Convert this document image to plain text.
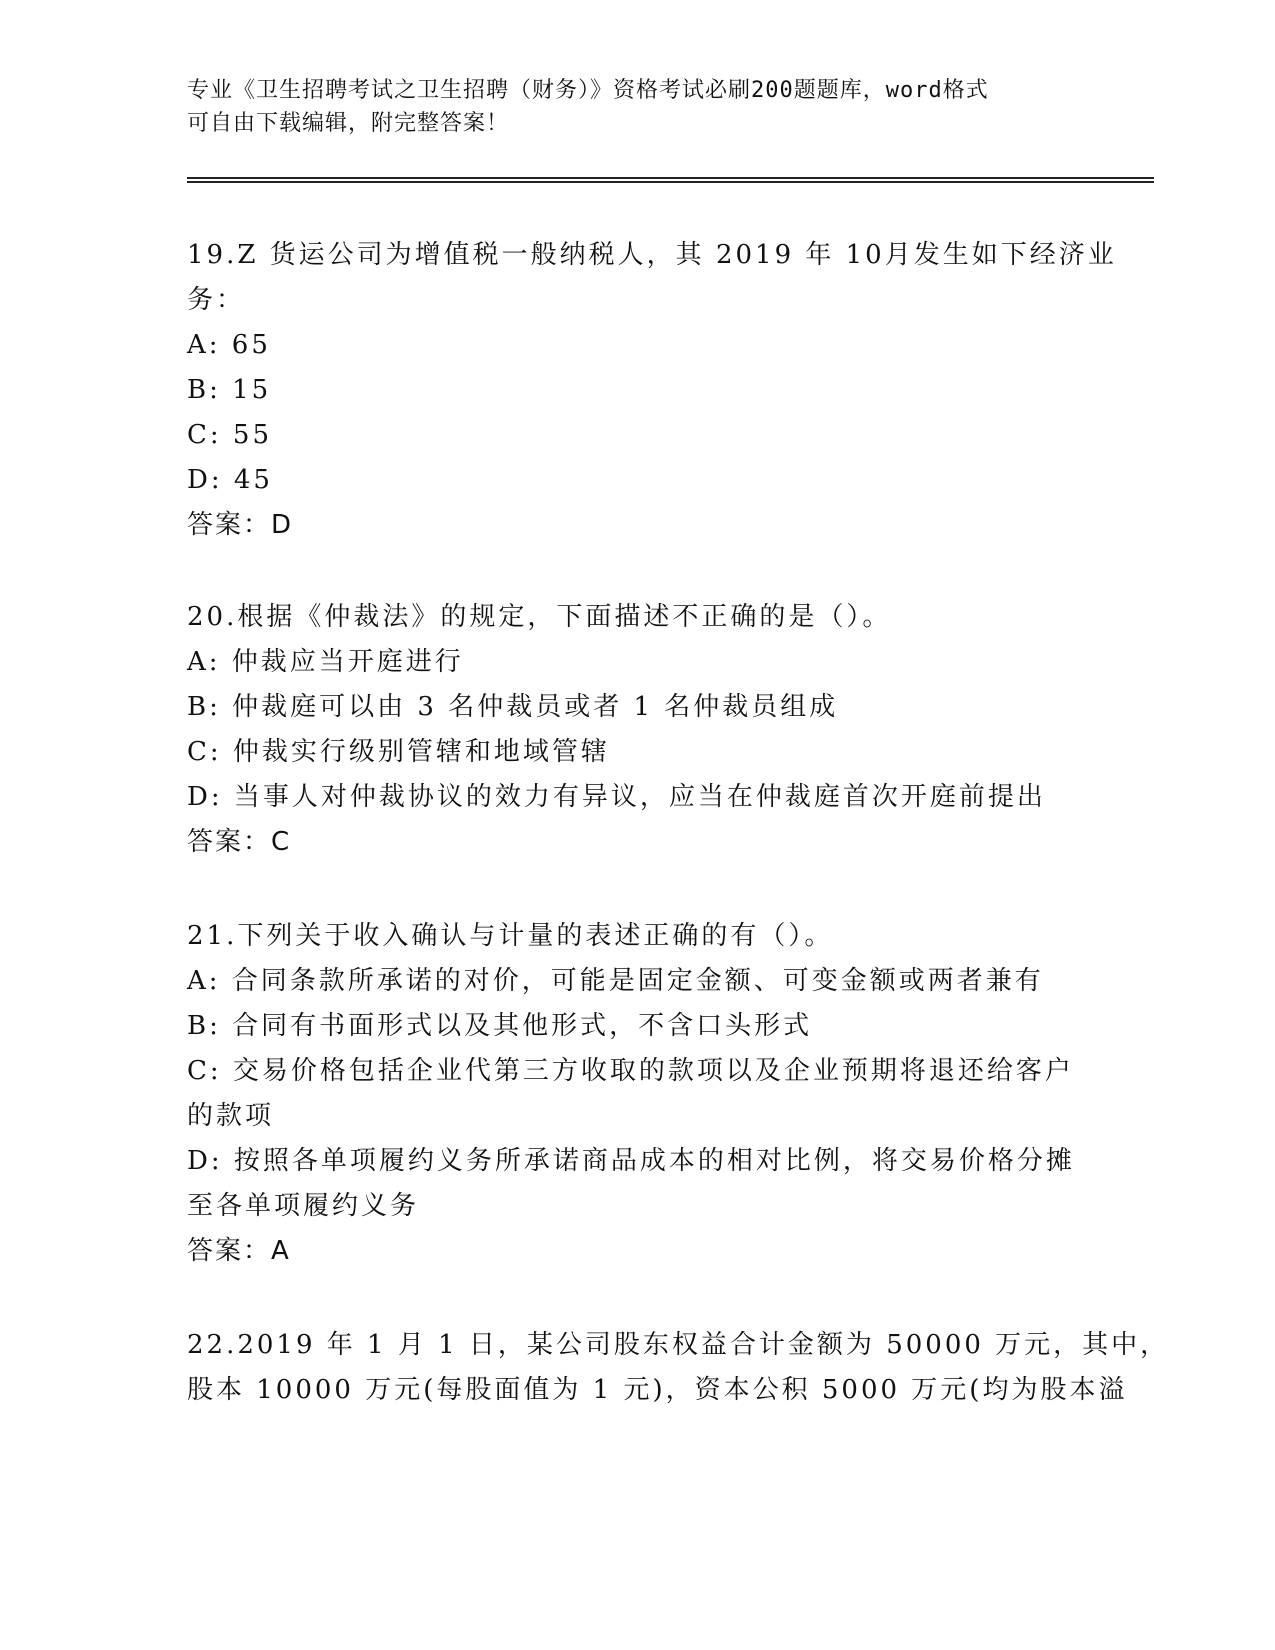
专业《卫生招聘考试之卫生招聘（财务）》资格考试必刷200题题库，word格式
可自由下载编辑，附完整答案！
19.Z 货运公司为增值税一般纳税人，其 2019 年 10月发生如下经济业
务：
A: 65
B: 15
C: 55
D: 45
答案：D
20.根据《仲裁法》的规定，下面描述不正确的是（）。
A: 仲裁应当开庭进行
B: 仲裁庭可以由 3 名仲裁员或者 1 名仲裁员组成
C: 仲裁实行级别管辖和地域管辖
D: 当事人对仲裁协议的效力有异议，应当在仲裁庭首次开庭前提出
答案：C
21.下列关于收入确认与计量的表述正确的有（）。
A: 合同条款所承诺的对价，可能是固定金额、可变金额或两者兼有
B: 合同有书面形式以及其他形式，不含口头形式
C: 交易价格包括企业代第三方收取的款项以及企业预期将退还给客户
的款项
D: 按照各单项履约义务所承诺商品成本的相对比例，将交易价格分摊
至各单项履约义务
答案：A
22.2019 年 1 月 1 日，某公司股东权益合计金额为 50000 万元，其中，
股本 10000 万元(每股面值为 1 元)，资本公积 5000 万元(均为股本溢
